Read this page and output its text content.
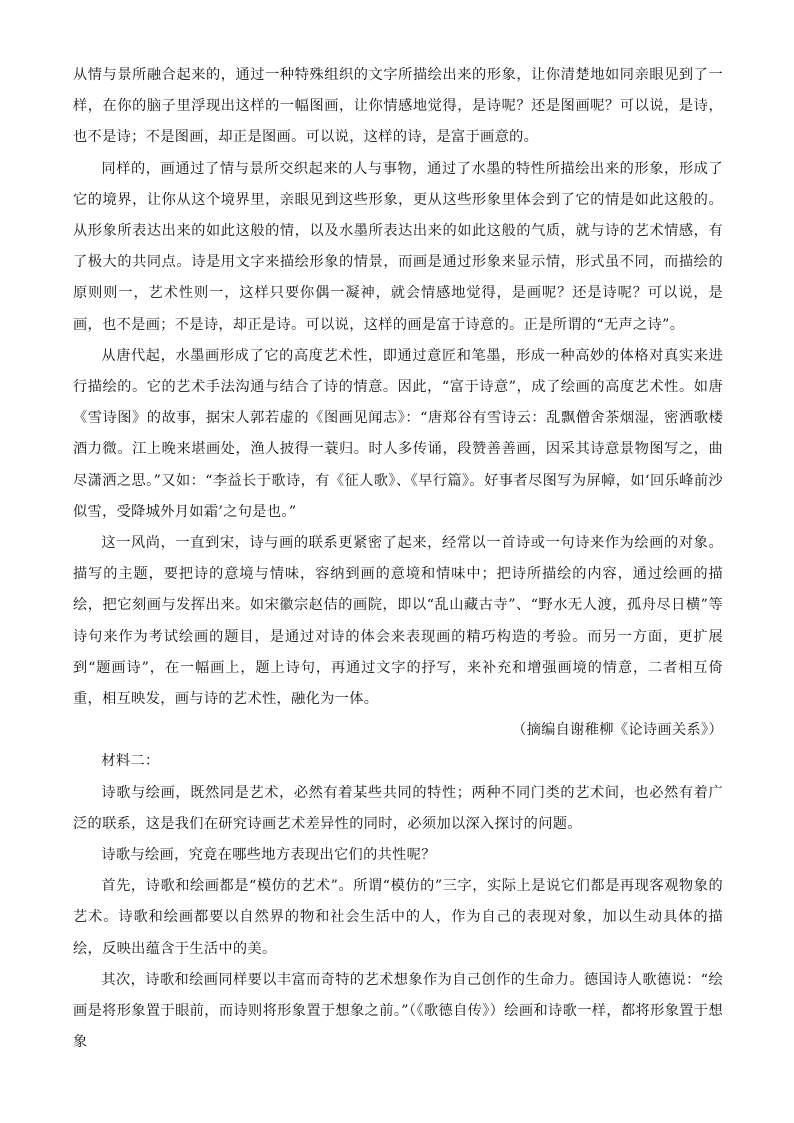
从情与景所融合起来的，通过一种特殊组织的文字所描绘出来的形象，让你清楚地如同亲眼见到了一样，在你的脑子里浮现出这样的一幅图画，让你情感地觉得，是诗呢？还是图画呢？可以说，是诗，也不是诗；不是图画，却正是图画。可以说，这样的诗，是富于画意的。

同样的，画通过了情与景所交织起来的人与事物，通过了水墨的特性所描绘出来的形象，形成了它的境界，让你从这个境界里，亲眼见到这些形象，更从这些形象里体会到了它的情是如此这般的。从形象所表达出来的如此这般的情，以及水墨所表达出来的如此这般的气质，就与诗的艺术情感，有了极大的共同点。诗是用文字来描绘形象的情景，而画是通过形象来显示情，形式虽不同，而描绘的原则则一，艺术性则一，这样只要你偶一凝神，就会情感地觉得，是画呢？还是诗呢？可以说，是画，也不是画；不是诗，却正是诗。可以说，这样的画是富于诗意的。正是所谓的“无声之诗”。

从唐代起，水墨画形成了它的高度艺术性，即通过意匠和笔墨，形成一种高妙的体格对真实来进行描绘的。它的艺术手法沟通与结合了诗的情意。因此，“富于诗意”，成了绘画的高度艺术性。如唐《雪诗图》的故事，据宋人郭若虚的《图画见闻志》：“唐郑谷有雪诗云：乱飘僧舍茶烟湿，密洒歌楼酒力微。江上晚来堪画处，渔人披得一蓑归。时人多传诵，段赞善善画，因采其诗意景物图写之，曲尽潇洒之思。”又如：“李益长于歌诗，有《征人歌》、《早行篇》。好事者尽图写为屏幛，如‘回乐峰前沙似雪，受降城外月如霜’之句是也。”

这一风尚，一直到宋，诗与画的联系更紧密了起来，经常以一首诗或一句诗来作为绘画的对象。描写的主题，要把诗的意境与情味，容纳到画的意境和情味中；把诗所描绘的内容，通过绘画的描绘，把它刻画与发挥出来。如宋徽宗赵佶的画院，即以“乱山藏古寺”、“野水无人渡，孤舟尽日横”等诗句来作为考试绘画的题目，是通过对诗的体会来表现画的精巧构造的考验。而另一方面，更扩展到“题画诗”，在一幅画上，题上诗句，再通过文字的抒写，来补充和增强画境的情意，二者相互倚重，相互映发，画与诗的艺术性，融化为一体。

（摘编自谢稚柳《论诗画关系》）

材料二：

诗歌与绘画，既然同是艺术，必然有着某些共同的特性；两种不同门类的艺术间，也必然有着广泛的联系，这是我们在研究诗画艺术差异性的同时，必须加以深入探讨的问题。

诗歌与绘画，究竟在哪些地方表现出它们的共性呢？

首先，诗歌和绘画都是“模仿的艺术”。所谓“模仿的”三字，实际上是说它们都是再现客观物象的艺术。诗歌和绘画都要以自然界的物和社会生活中的人，作为自己的表现对象，加以生动具体的描绘，反映出蕴含于生活中的美。

其次，诗歌和绘画同样要以丰富而奇特的艺术想象作为自己创作的生命力。德国诗人歌德说：“绘画是将形象置于眼前，而诗则将形象置于想象之前。”（《歌德自传》）绘画和诗歌一样，都将形象置于想象
